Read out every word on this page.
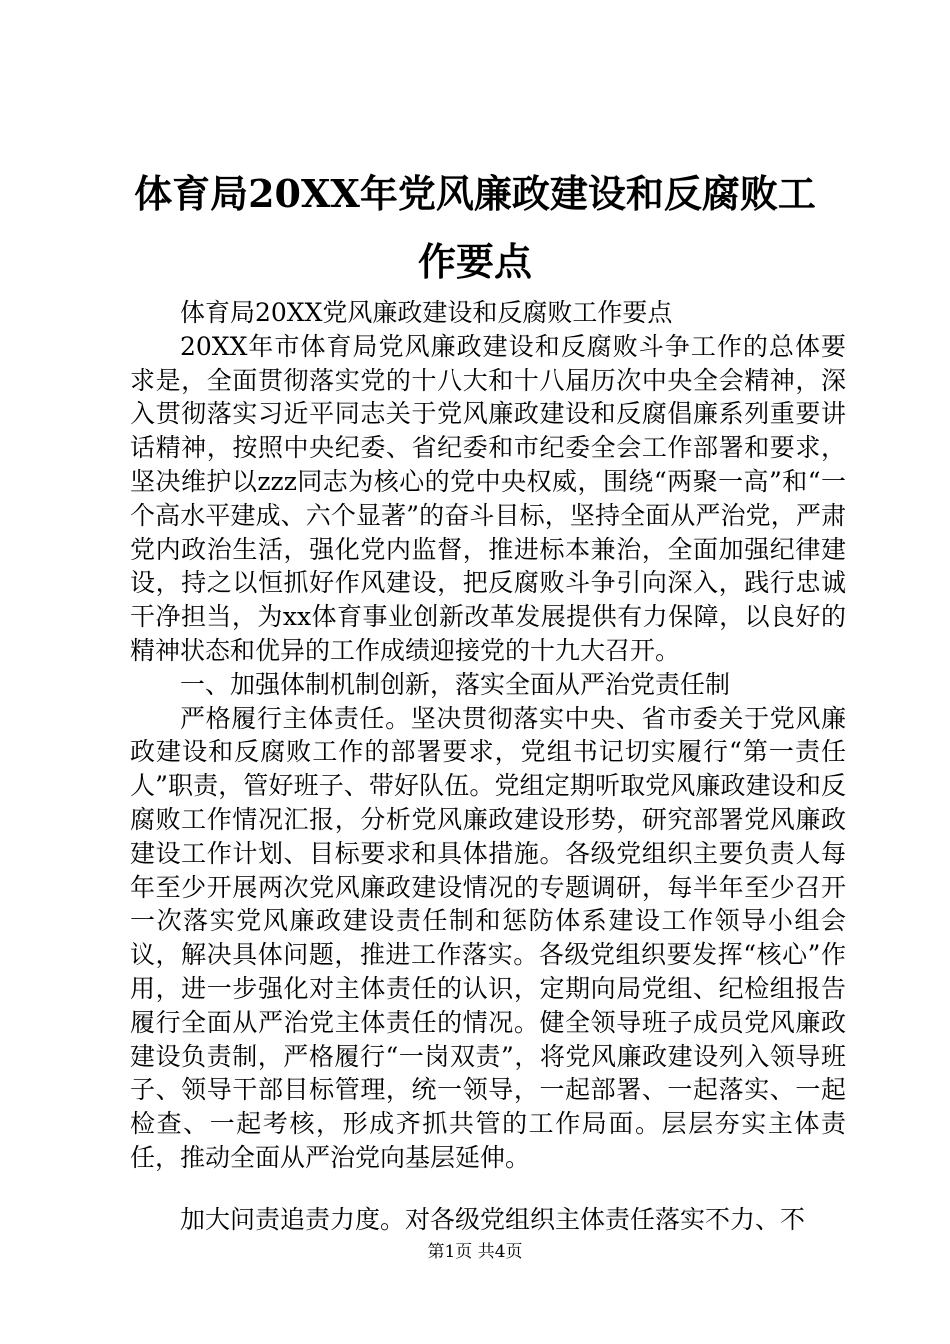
体育局20XX年党风廉政建设和反腐败工作要点

体育局20XX党风廉政建设和反腐败工作要点

20XX年市体育局党风廉政建设和反腐败斗争工作的总体要求是，全面贯彻落实党的十八大和十八届历次中央全会精神，深入贯彻落实习近平同志关于党风廉政建设和反腐倡廉系列重要讲话精神，按照中央纪委、省纪委和市纪委全会工作部署和要求，坚决维护以zzz同志为核心的党中央权威，围绕“两聚一高”和“一个高水平建成、六个显著”的奋斗目标，坚持全面从严治党，严肃党内政治生活，强化党内监督，推进标本兼治，全面加强纪律建设，持之以恒抓好作风建设，把反腐败斗争引向深入，践行忠诚干净担当，为xx体育事业创新改革发展提供有力保障，以良好的精神状态和优异的工作成绩迎接党的十九大召开。

一、加强体制机制创新，落实全面从严治党责任制

严格履行主体责任。坚决贯彻落实中央、省市委关于党风廉政建设和反腐败工作的部署要求，党组书记切实履行“第一责任人”职责，管好班子、带好队伍。党组定期听取党风廉政建设和反腐败工作情况汇报，分析党风廉政建设形势，研究部署党风廉政建设工作计划、目标要求和具体措施。各级党组织主要负责人每年至少开展两次党风廉政建设情况的专题调研，每半年至少召开一次落实党风廉政建设责任制和惩防体系建设工作领导小组会议，解决具体问题，推进工作落实。各级党组织要发挥“核心”作用，进一步强化对主体责任的认识，定期向局党组、纪检组报告履行全面从严治党主体责任的情况。健全领导班子成员党风廉政建设负责制，严格履行“一岗双责”，将党风廉政建设列入领导班子、领导干部目标管理，统一领导，一起部署、一起落实、一起检查、一起考核，形成齐抓共管的工作局面。层层夯实主体责任，推动全面从严治党向基层延伸。

加大问责追责力度。对各级党组织主体责任落实不力、不

第1页 共4页
